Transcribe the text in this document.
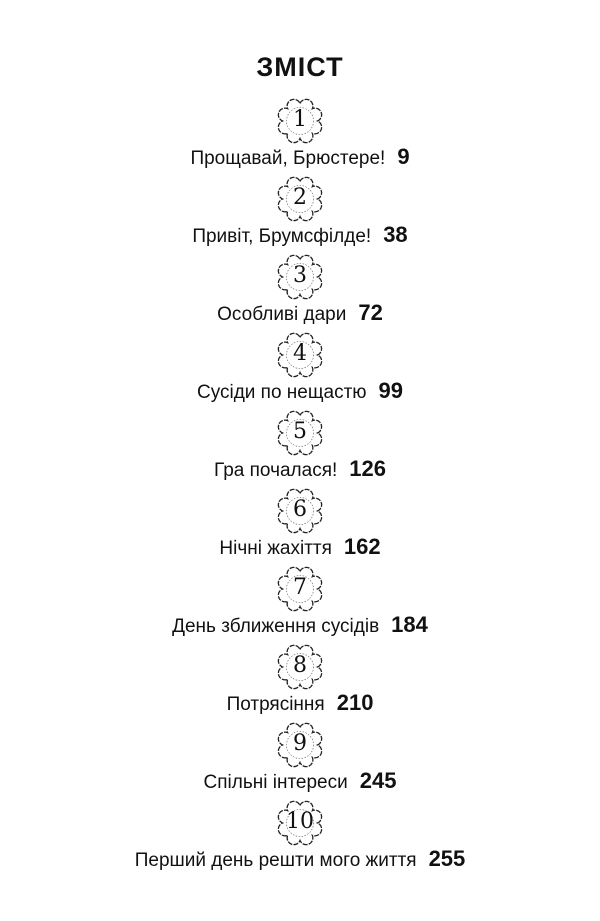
ЗМІСТ
1
Прощавай, Брюстере! 9
2
Привіт, Брумсфілде! 38
3
Особливі дари 72
4
Сусіди по нещастю 99
5
Гра почалася! 126
6
Нічні жахіття 162
7
День зближення сусідів 184
8
Потрясіння 210
9
Спільні інтереси 245
10
Перший день решти мого життя 255
